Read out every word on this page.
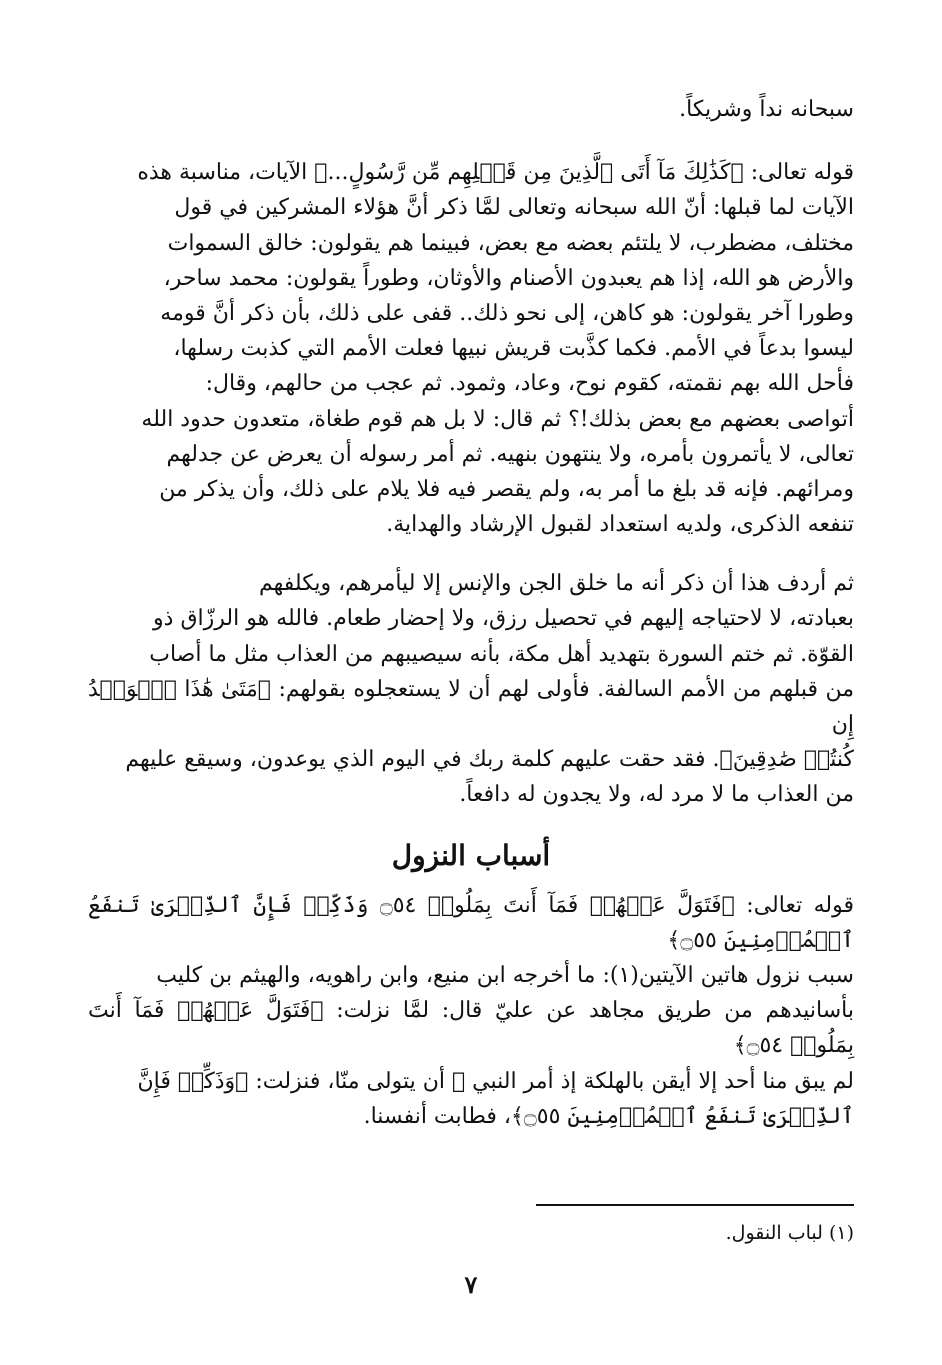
سبحانه نداً وشريكاً.

قوله تعالى: ﴿كَذَٰلِكَ مَآ أَتَى ٱلَّذِينَ مِن قَبۡلِهِم مِّن رَّسُولٍ...﴾ الآيات، مناسبة هذه
الآيات لما قبلها: أنّ الله سبحانه وتعالى لمَّا ذكر أنَّ هؤلاء المشركين في قول
مختلف، مضطرب، لا يلتئم بعضه مع بعض، فبينما هم يقولون: خالق السموات
والأرض هو الله، إذا هم يعبدون الأصنام والأوثان، وطوراً يقولون: محمد ساحر،
وطورا آخر يقولون: هو كاهن، إلى نحو ذلك.. قفى على ذلك، بأن ذكر أنَّ قومه
ليسوا بدعاً في الأمم. فكما كذَّبت قريش نبيها فعلت الأمم التي كذبت رسلها،
فأحل الله بهم نقمته، كقوم نوح، وعاد، وثمود. ثم عجب من حالهم، وقال:
أتواصى بعضهم مع بعض بذلك!؟ ثم قال: لا بل هم قوم طغاة، متعدون حدود الله
تعالى، لا يأتمرون بأمره، ولا ينتهون بنهيه. ثم أمر رسوله أن يعرض عن جدلهم
ومرائهم. فإنه قد بلغ ما أمر به، ولم يقصر فيه فلا يلام على ذلك، وأن يذكر من
تنفعه الذكرى، ولديه استعداد لقبول الإرشاد والهداية.

ثم أردف هذا أن ذكر أنه ما خلق الجن والإنس إلا ليأمرهم، ويكلفهم
بعبادته، لا لاحتياجه إليهم في تحصيل رزق، ولا إحضار طعام. فالله هو الرزّاق ذو
القوّة. ثم ختم السورة بتهديد أهل مكة، بأنه سيصيبهم من العذاب مثل ما أصاب
من قبلهم من الأمم السالفة. فأولى لهم أن لا يستعجلوه بقولهم: ﴿مَتَىٰ هَٰذَا ٱلۡوَعۡدُ إِن
كُنتُمۡ صَٰدِقِينَ﴾. فقد حقت عليهم كلمة ربك في اليوم الذي يوعدون، وسيقع عليهم
من العذاب ما لا مرد له، ولا يجدون له دافعاً.

أسباب النزول

قوله تعالى: ﴿فَتَوَلَّ عَنۡهُمۡ فَمَآ أَنتَ بِمَلُومٖ ۝٥٤ وَذَكِّرۡ فَإِنَّ ٱلذِّكۡرَىٰ تَنفَعُ ٱلۡمُؤۡمِنِينَ ۝٥٥﴾
سبب نزول هاتين الآيتين(١): ما أخرجه ابن منيع، وابن راهويه، والهيثم بن كليب
بأسانيدهم من طريق مجاهد عن عليّ قال: لمَّا نزلت: ﴿فَتَوَلَّ عَنۡهُمۡ فَمَآ أَنتَ بِمَلُومٖ ۝٥٤﴾
لم يبق منا أحد إلا أيقن بالهلكة إذ أمر النبي ﷺ أن يتولى منّا، فنزلت: ﴿وَذَكِّرۡ فَإِنَّ
ٱلذِّكۡرَىٰ تَنفَعُ ٱلۡمُؤۡمِنِينَ ۝٥٥﴾، فطابت أنفسنا.

(١) لباب النقول.

٧
